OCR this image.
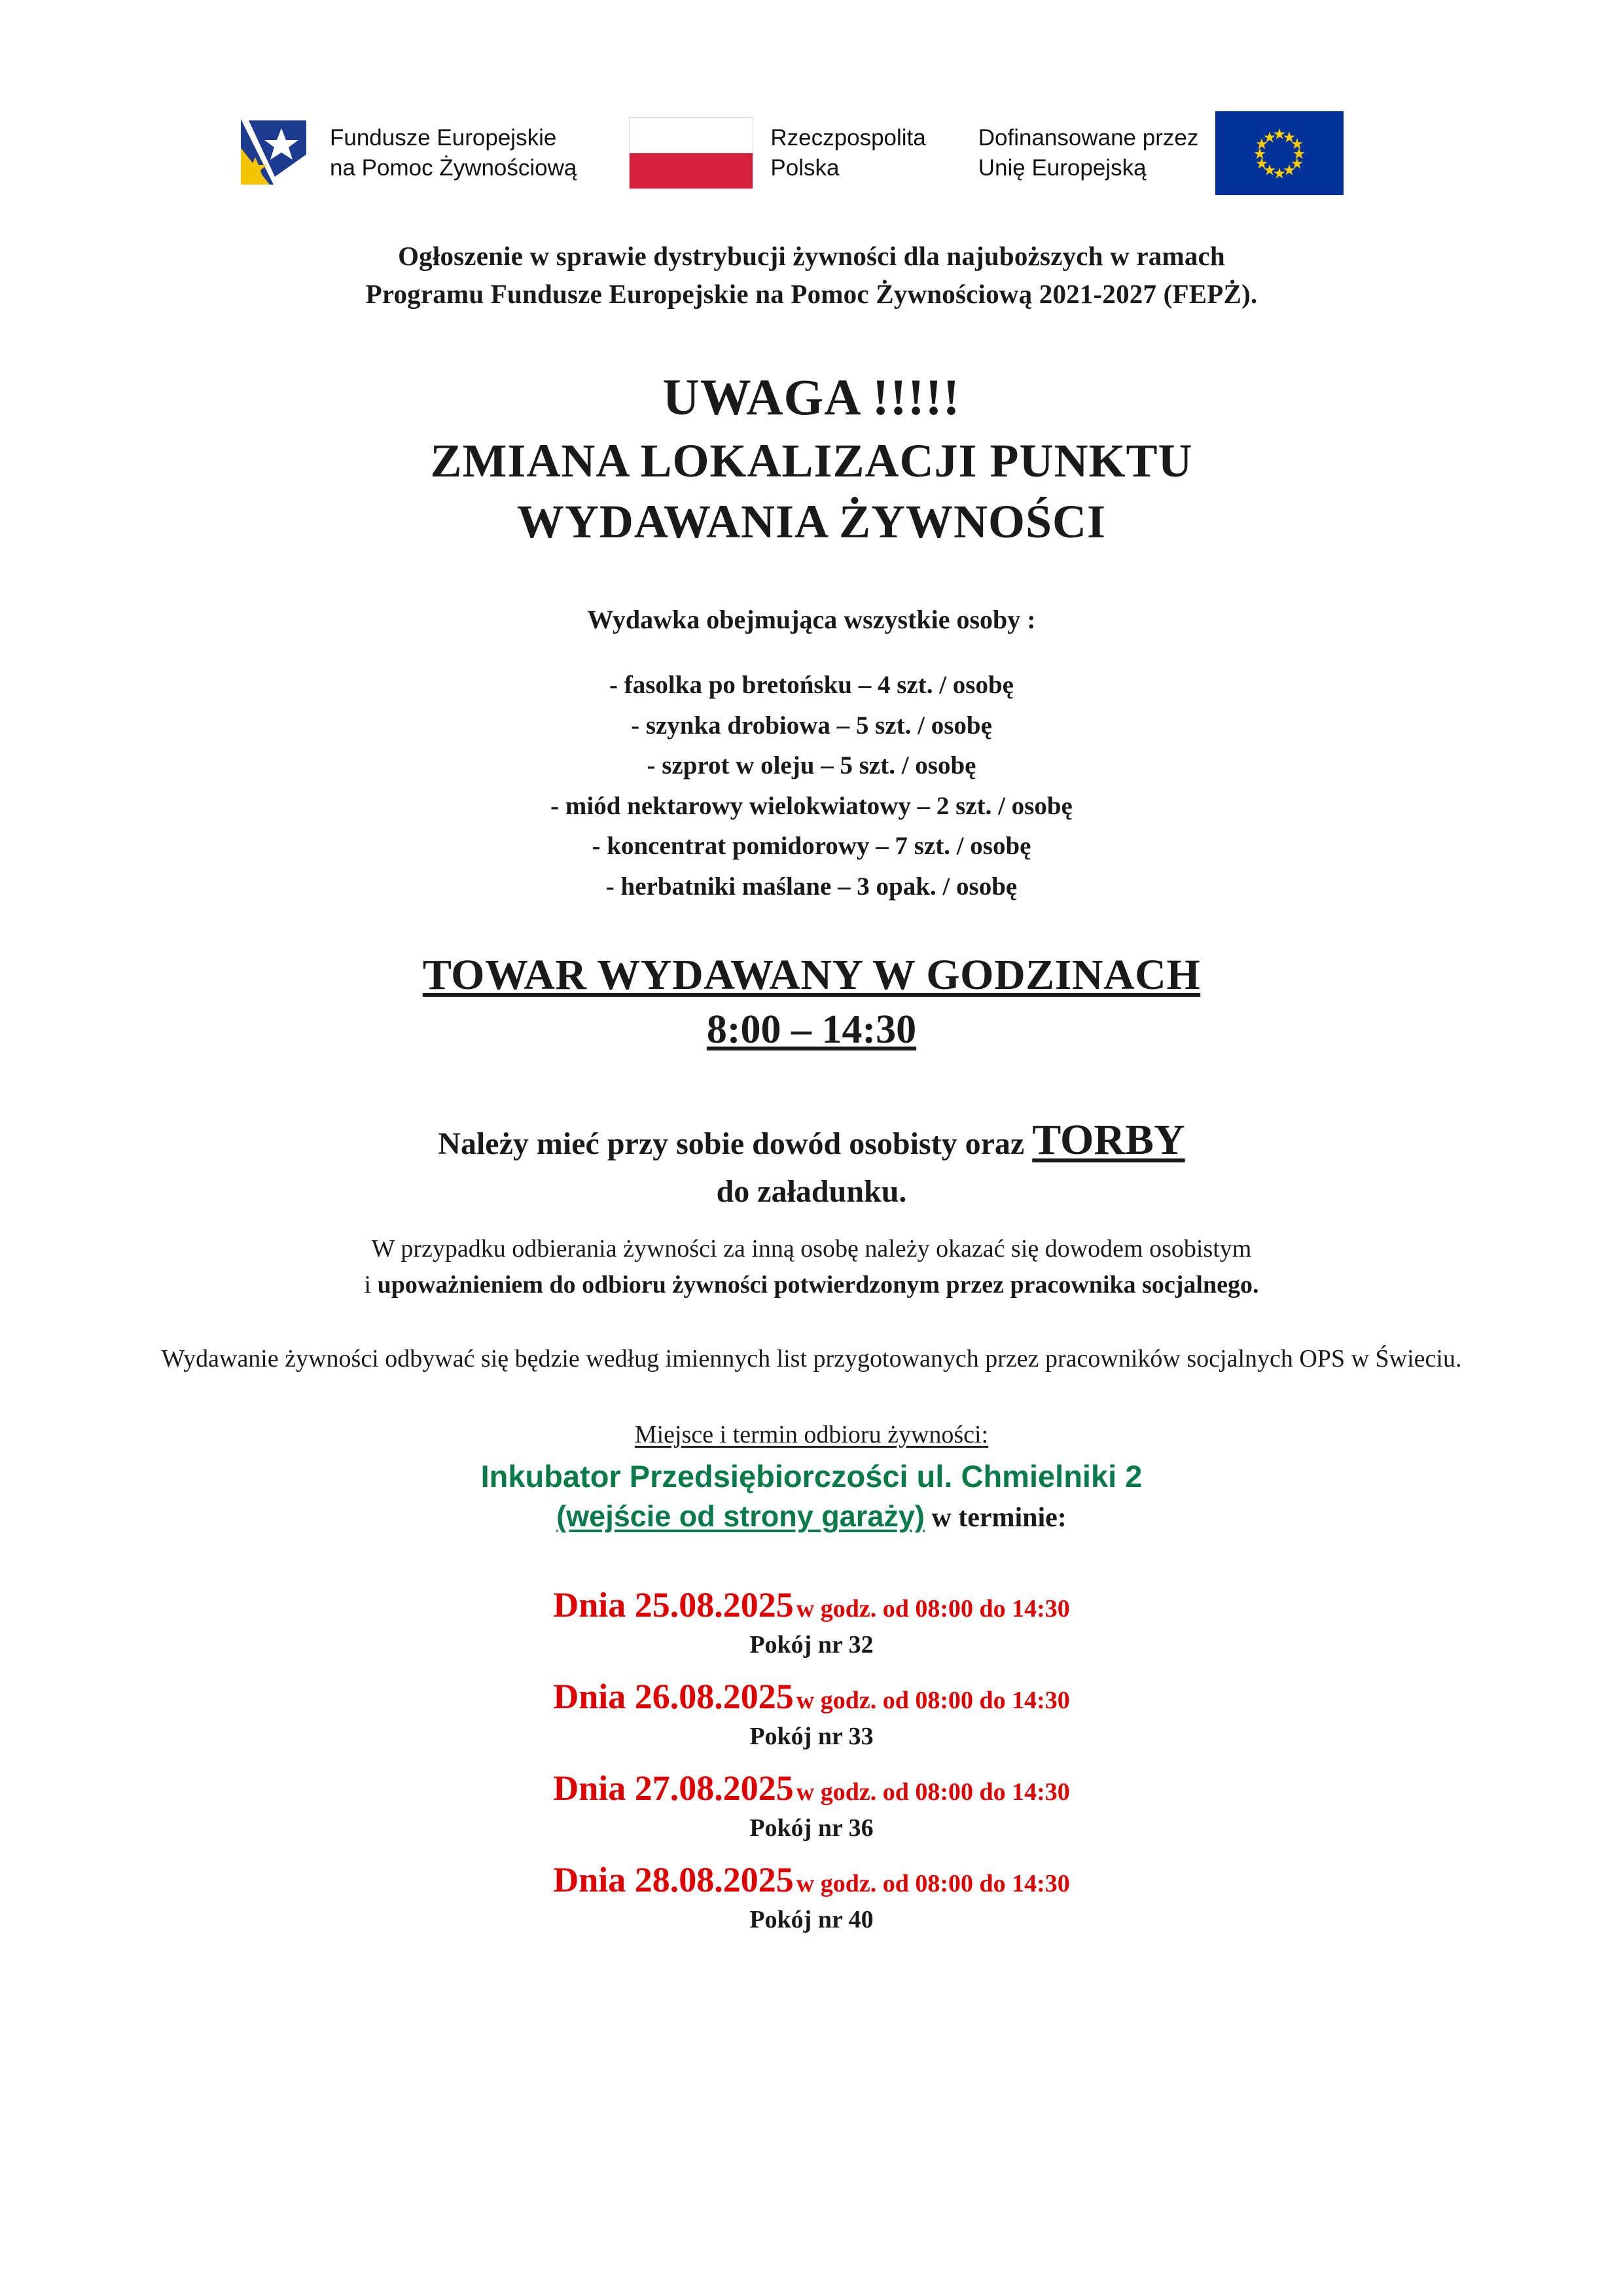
Fundusze Europejskie
na Pomoc Żywnościową
Rzeczpospolita
Polska
Dofinansowane przez
Unię Europejską
Ogłoszenie w sprawie dystrybucji żywności dla najuboższych w ramach
Programu Fundusze Europejskie na Pomoc Żywnościową 2021-2027 (FEPŻ).
UWAGA !!!!!
ZMIANA LOKALIZACJI PUNKTU
WYDAWANIA ŻYWNOŚCI
Wydawka obejmująca wszystkie osoby :
- fasolka po bretońsku – 4 szt. / osobę
- szynka drobiowa – 5 szt. / osobę
- szprot w oleju – 5 szt. / osobę
- miód nektarowy wielokwiatowy – 2 szt. / osobę
- koncentrat pomidorowy – 7 szt. / osobę
- herbatniki maślane – 3 opak. / osobę
TOWAR WYDAWANY W GODZINACH
8:00 – 14:30
Należy mieć przy sobie dowód osobisty oraz TORBY
do załadunku.
W przypadku odbierania żywności za inną osobę należy okazać się dowodem osobistym
i upoważnieniem do odbioru żywności potwierdzonym przez pracownika socjalnego.
Wydawanie żywności odbywać się będzie według imiennych list przygotowanych przez pracowników socjalnych OPS w Świeciu.
Miejsce i termin odbioru żywności:
Inkubator Przedsiębiorczości ul. Chmielniki 2
(wejście od strony garaży) w terminie:
Dnia 25.08.2025 w godz. od 08:00 do 14:30
Pokój nr 32
Dnia 26.08.2025 w godz. od 08:00 do 14:30
Pokój nr 33
Dnia 27.08.2025 w godz. od 08:00 do 14:30
Pokój nr 36
Dnia 28.08.2025 w godz. od 08:00 do 14:30
Pokój nr 40
